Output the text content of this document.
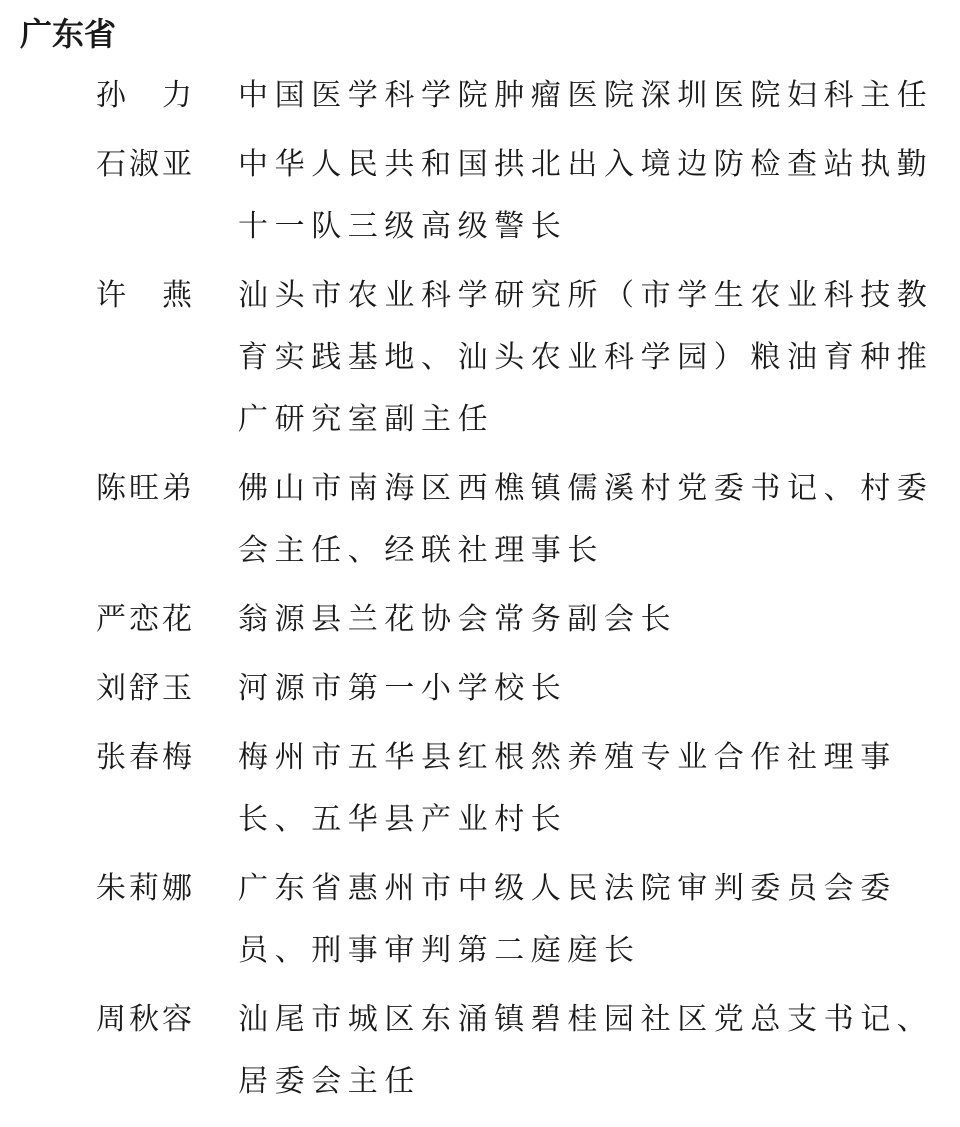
广东省
孙　力	中国医学科学院肿瘤医院深圳医院妇科主任
石淑亚	中华人民共和国拱北出入境边防检查站执勤十一队三级高级警长
许　燕	汕头市农业科学研究所（市学生农业科技教育实践基地、汕头农业科学园）粮油育种推广研究室副主任
陈旺弟	佛山市南海区西樵镇儒溪村党委书记、村委会主任、经联社理事长
严恋花	翁源县兰花协会常务副会长
刘舒玉	河源市第一小学校长
张春梅	梅州市五华县红根然养殖专业合作社理事长、五华县产业村长
朱莉娜	广东省惠州市中级人民法院审判委员会委员、刑事审判第二庭庭长
周秋容	汕尾市城区东涌镇碧桂园社区党总支书记、居委会主任
